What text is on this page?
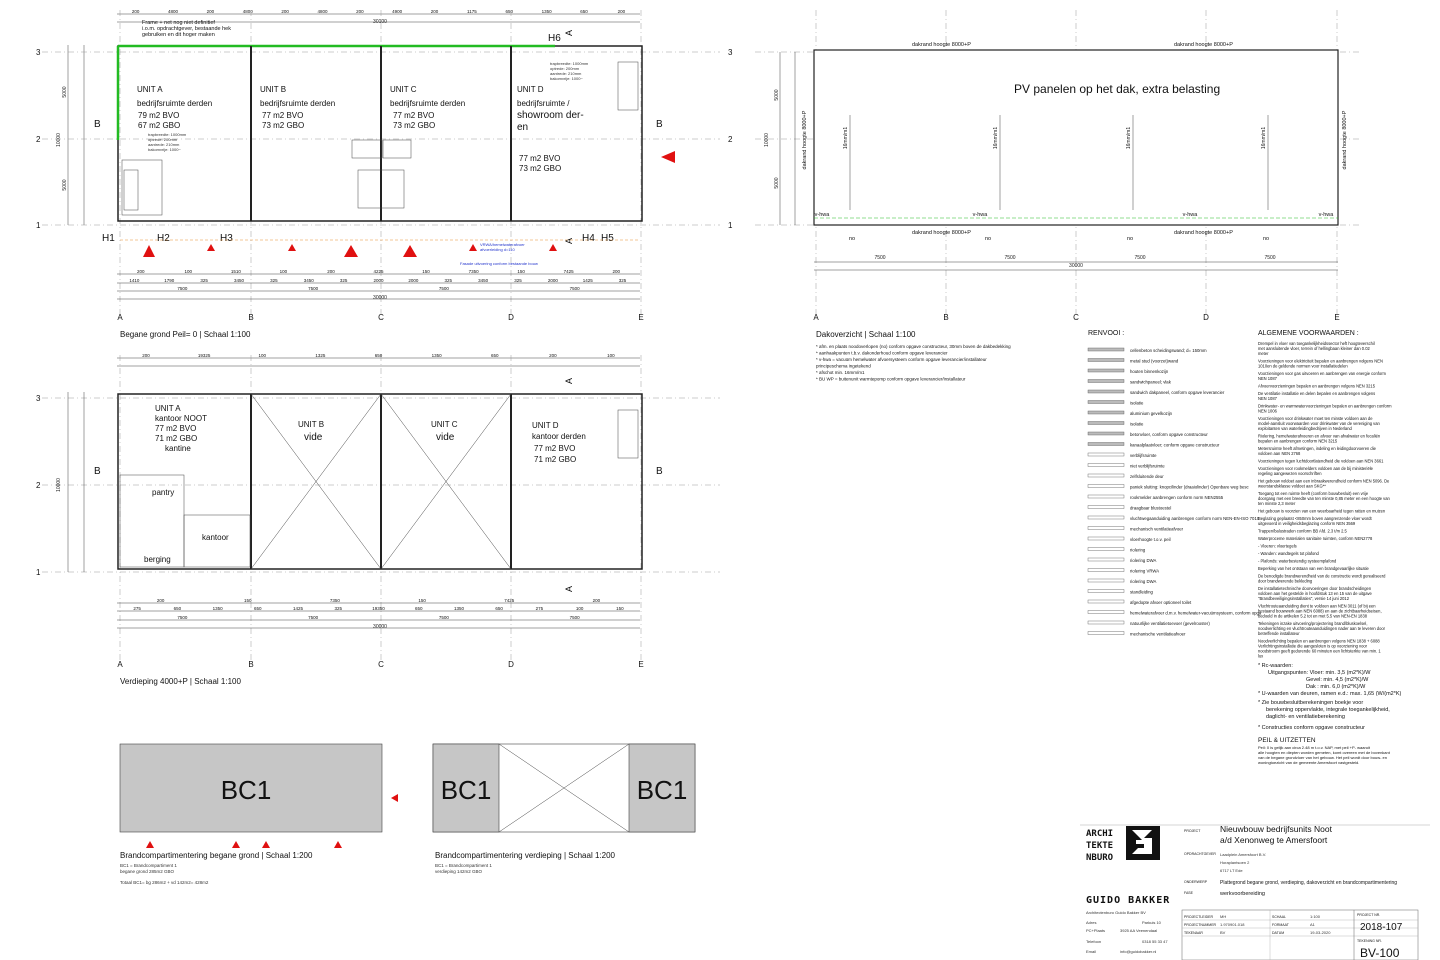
200	4800	200	4800	200	4800	200	4900	200	1175	650	1350	650	200
30100
Frame + net nog niet definitief
i.o.m. opdrachtgever, bestaande hek
gebruiken en dit hoger maken
10000
5000
5000
3
2
1
UNIT A
bedrijfsruimte derden
79 m2 BVO
67 m2 GBO
UNIT B
bedrijfsruimte derden
77 m2 BVO
73 m2 GBO
UNIT C
bedrijfsruimte derden
77 m2 BVO
73 m2 GBO
UNIT D
bedrijfsruimte /
showroom der-
en
77 m2 BVO
73 m2 GBO
trapbreedte: 1000mm
optrede: 200mm
aantrede: 210mm
bakomvrije: 1000~
trapbreedte: 1000mm
optrede: 200mm
aantrede: 210mm
bakomvrije: 1000~
B	B
A
A
H1	H2	H3	H4 H5
H6
VRWA/hemelwaterafvoer
afvoerleiding d=110
Fasade uitvoering conform bestaande bouw
200	100	1510	100	200	4225	150	7350	150	7425	200
1410	1790	325	3450	325	3450	325	2000	2000	325	3450	325	2000	1425	325
7500	7500	7500	7500
30000
A	B	C	D	E
Begane grond Peil= 0 | Schaal 1:100
200	19325	100	1325	650	1350	650	200	100
3
2
1
10000
UNIT A
kantoor NOOT
77 m2 BVO
71 m2 GBO
kantine
UNIT B
vide
UNIT C
vide
UNIT D
kantoor derden
77 m2 BVO
71 m2 GBO
pantry
kantoor
berging
B	B
A
A
200	150	7350	150	7425	200
275	650	1350	650	1425	325	19350	650	1350	650	275	100	150
7500	7500	7500	7500
30000
A	B	C	D	E
Verdieping 4000+P | Schaal 1:100
3
2
1
10000
5000
5000
PV panelen op het dak, extra belasting
dakrand hoogte 8000+P	dakrand hoogte 8000+P
dakrand hoogte 8000+P	dakrand hoogte 8000+P
dakrand hoogte 8000+P	dakrand hoogte 8000+P
16mm/m1	16mm/m1	16mm/m1	16mm/m1
v-hwa	v-hwa	v-hwa	v-hwa
no	no	no	no
7500	7500	7500	7500
30000
A	B	C	D	E
Dakoverzicht | Schaal 1:100
* afm. en plaats noodoverlopen (no) conform opgave constructeur, 30mm boven de dakbedekking
* aanhaakpunten t.b.v. dakonderhoud conform opgave leverancier
* v-hwa = vacuüm hemelwater afvoersysteem conform opgave leverancier/installateur
principeschema ingetekend
* afschot min. 16mm/m1
* BU WP = buitenunit warmtepomp conform opgave leverancier/installateur
BC1
Brandcompartimentering begane grond | Schaal 1:200
BC1 = Brandcompartiment 1
begane grond 285m2 GBO
Totaal BC1= bg 286m2 + vd 142m2= 428m2
BC1	BC1
Brandcompartimentering verdieping | Schaal 1:200
BC1 = Brandcompartiment 1
verdieping 142m2 GBO
RENVOOI :
cellenbeton scheidingswand; d= 150mm
metal stud (voorzet)wand
houten binnenkozijn
sandwichpaneel; vlak
sandwich dakpaneel, conform opgave leverancier
isolatie
aluminium gevelkozijn
isolatie
betonvloer, conform opgave constructeur
kanaalplaatvloer; conform opgave constructeur
verblijfsruimte
niet verblijfsruimte
zelfsluitende deur
paniek sluiting: knopcilinder (draaiolinder) Openbare weg besc
rookmelder aanbrengen conform norm NEN2555
draagbaar blustoestel
vluchtwegaanduiding aanbrengen conform norm NEN-EN-ISO 7010
mechanisch ventilatieafvoer
vloerhoogte t.o.v. peil
riolering
riolering DWA
riolering VRWA
riolering DWA
standleiding
afgedopte afvoer optioneel toilet
hemelwaterafvoer d.m.v. hemelwater-vacuümsysteem, conform opga
natuurlijke ventilatietoevoer (gevelrooster)
mechanische ventilatieafvoer
ALGEMENE VOORWAARDEN :
Drempel in vloer van toegankelijkheidssector heft hoogteverschil
met aansluitende vloer, terrein of hellingbaan kleiner dan 0.02
meter
Voorzieningen voor elektriciteit bepalen en aanbrengen volgens NEN
1010en de geldende normen voor installatiedelen
Voorzieningen voor gas uitvoeren en aanbrengen van energie conform
NEN 1087
Afvoervoorzieningen bepalen en aanbrengen volgens NEN 3215
De ventilatie installatie en delen bepalen en aanbrengen volgens
NEN 1087
Drinkwater- en warmwatervoorzieningen bepalen en aanbrengen conform
NEN 1006
Voorzieningen voor drinkwater moet ten minste voldoen aan de
model-aansluit voorwaarden voor drinkwater van de vereniging van
exploitanten van waterleidingbedrijven in Nederland
Riolering, hemelwaterafvoeren en afvoer van afvalwater en fecaliën
bepalen en aanbrengen conform NEN 3215
Metersruimte heeft afmetingen, indeling en leidingdoorvoeren die
voldoen aan NEN 2768
Voorzieningen tegen luchtdoortlatendheid die voldoen aan NEN 3661
Voorzieningen voor rookmelders voldoen aan de bij ministeriële
regeling aangewezen voorschriften
Het gebouw voldoet aan een inbraakwerendheid conform NEN 5096. De
weerstandsklasse voldoet aan SKG**
Toegang tot een ruimte heeft (conform bouwbesluit) een vrije
doorgang met een breedte van ten minste 0,85 meter en een hoogte van
ten minste 2,3 meter
Het gebouw is voorzien van een weerbaarheid tegen ratten en muizen
Beglazing geplaatst <850mm boven aangrenzende vloer wordt
uitgevoerd in veiligheidsbeglazing conform NEN 3569
Trappen/balustraden conform BB Afd. 2.3 t/m 2.5
Waterproceme materialen sanitaire ruimten, conform NEN2778
- Vloeren: vloertegels
- Wanden: wandtegels tot plafond
- Plafonds: waterbestendig systeemplafond
Beperking van het ontstaan van een brandgevaarlijke situatie
De benodigde brandwerendheid van de constructie wordt gerealiseerd
door brandwerende bekleding
De installatietechnische doorvoeringen door brandscheidingen
voldoen aan het gestelde in hoofdstuk 13 en 15 van de uitgave
"Brandbeveiligingsinstallaties", versie 14 juni 2012
Vluchtrouteaanduiding dient te voldoen aan NEN 3011 (of bij een
bestaand bouwwerk aan NEN 6088) en aan de zichtbaarheidseisen,
bedoeld in de artikelen 5.2 tot en met 5.5 van NEN-EN 1838
Tekeningen inzake uitvoering/projectering brand/bluskoelsel,
noodverlichting en vluchtrouteaanduidingen nader aan te leveren door
betreffende installateur
Noodverlichting bepalen en aanbrengen volgens NEN 1838 + 6088
Verlichtingsinstallatie die aangesloten is op voorziening voor
noodstroom geeft gedurende 60 minuten een lichtsterkte van min. 1
lux
* Rc-waarden:
Uitgangspunten: Vloer: min. 3,5 (m2*K)/W
Gevel: min. 4,5 (m2*K)/W
Dak : min. 6,0 (m2*K)/W
* U-waarden van deuren, ramen e.d.: max. 1,65 (W/(m2*K)
* Zie bouwbesluitberekeningen boekje voor
berekening oppervlakte, integrale toegankelijkheid,
daglicht- en ventilatieberekening
* Constructies conform opgave constructeur
PEIL & UITZETTEN
Peil: 0 is gelijk aan circa 2.48 m t.o.v. NAP, met peil +P- waaruit
alle hoogten en diepten worden gemeten, komt overeen met de bovenkant
van de begane grondvloer van het gebouw. Het peil wordt door bouw- en
woningtoezicht van de gemeente Amersfoort vastgesteld.
ARCHI
TEKTE
NBURO
GUIDO BAKKER
Architectenburo Guido Bakker BV
Adres	Parkuis 10
PC+Plaats	3925 AA Veenendaal
Telefoon	0318 55 33 47
Email	info@guidobakker.nl
PROJECT Nieuwbouw bedrijfsunits Noot
a/d Xenonweg te Amersfoort
OPDRACHTGEVER Laadplein Amersfoort B.V.
Horaplantsoen 2
6717 LT Ede
ONDERWERP	Plattegrond begane grond, verdieping, dakoverzicht en brandcompartimentering
FASE	werkvoorbereiding
PROJECTLEIDER MH
PROJECTNUMMER 1.970901.018
TEKENAAR	BV
SCHAAL	1:100
FORMAAT	A1
DATUM	19-03-2020
PROJECT NR.
2018-107
TEKENING NR.
BV-100
